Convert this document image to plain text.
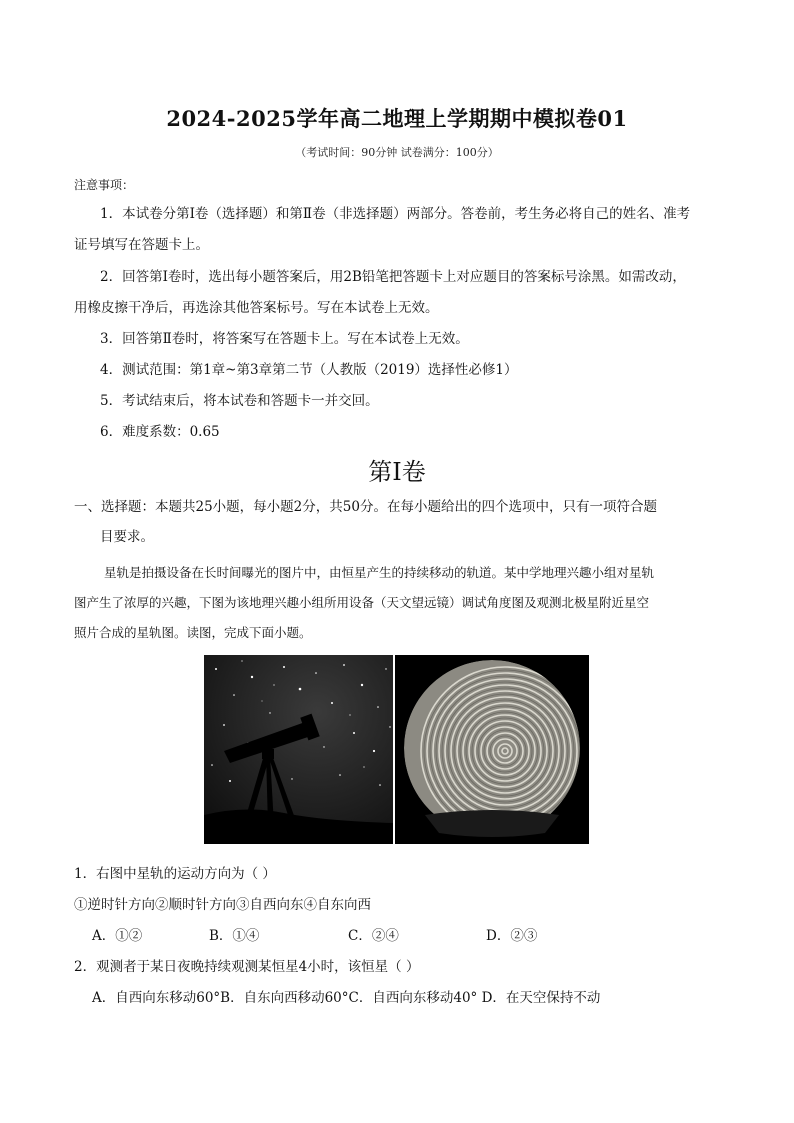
2024-2025学年高二地理上学期期中模拟卷01
（考试时间：90分钟 试卷满分：100分）
注意事项：
1．本试卷分第Ⅰ卷（选择题）和第Ⅱ卷（非选择题）两部分。答卷前，考生务必将自己的姓名、准考
证号填写在答题卡上。
2．回答第Ⅰ卷时，选出每小题答案后，用2B铅笔把答题卡上对应题目的答案标号涂黑。如需改动，
用橡皮擦干净后，再选涂其他答案标号。写在本试卷上无效。
3．回答第Ⅱ卷时，将答案写在答题卡上。写在本试卷上无效。
4．测试范围：第1章~第3章第二节（人教版（2019）选择性必修1）
5．考试结束后，将本试卷和答题卡一并交回。
6．难度系数：0.65
第Ⅰ卷
一、选择题：本题共25小题，每小题2分，共50分。在每小题给出的四个选项中，只有一项符合题
目要求。
星轨是拍摄设备在长时间曝光的图片中，由恒星产生的持续移动的轨道。某中学地理兴趣小组对星轨
图产生了浓厚的兴趣，下图为该地理兴趣小组所用设备（天文望远镜）调试角度图及观测北极星附近星空
照片合成的星轨图。读图，完成下面小题。
1．右图中星轨的运动方向为（ ）
①逆时针方向②顺时针方向③自西向东④自东向西
A．①②	B．①④	C．②④	D．②③
2．观测者于某日夜晚持续观测某恒星4小时，该恒星（ ）
A．自西向东移动60°B．自东向西移动60°C．自西向东移动40° D．在天空保持不动
